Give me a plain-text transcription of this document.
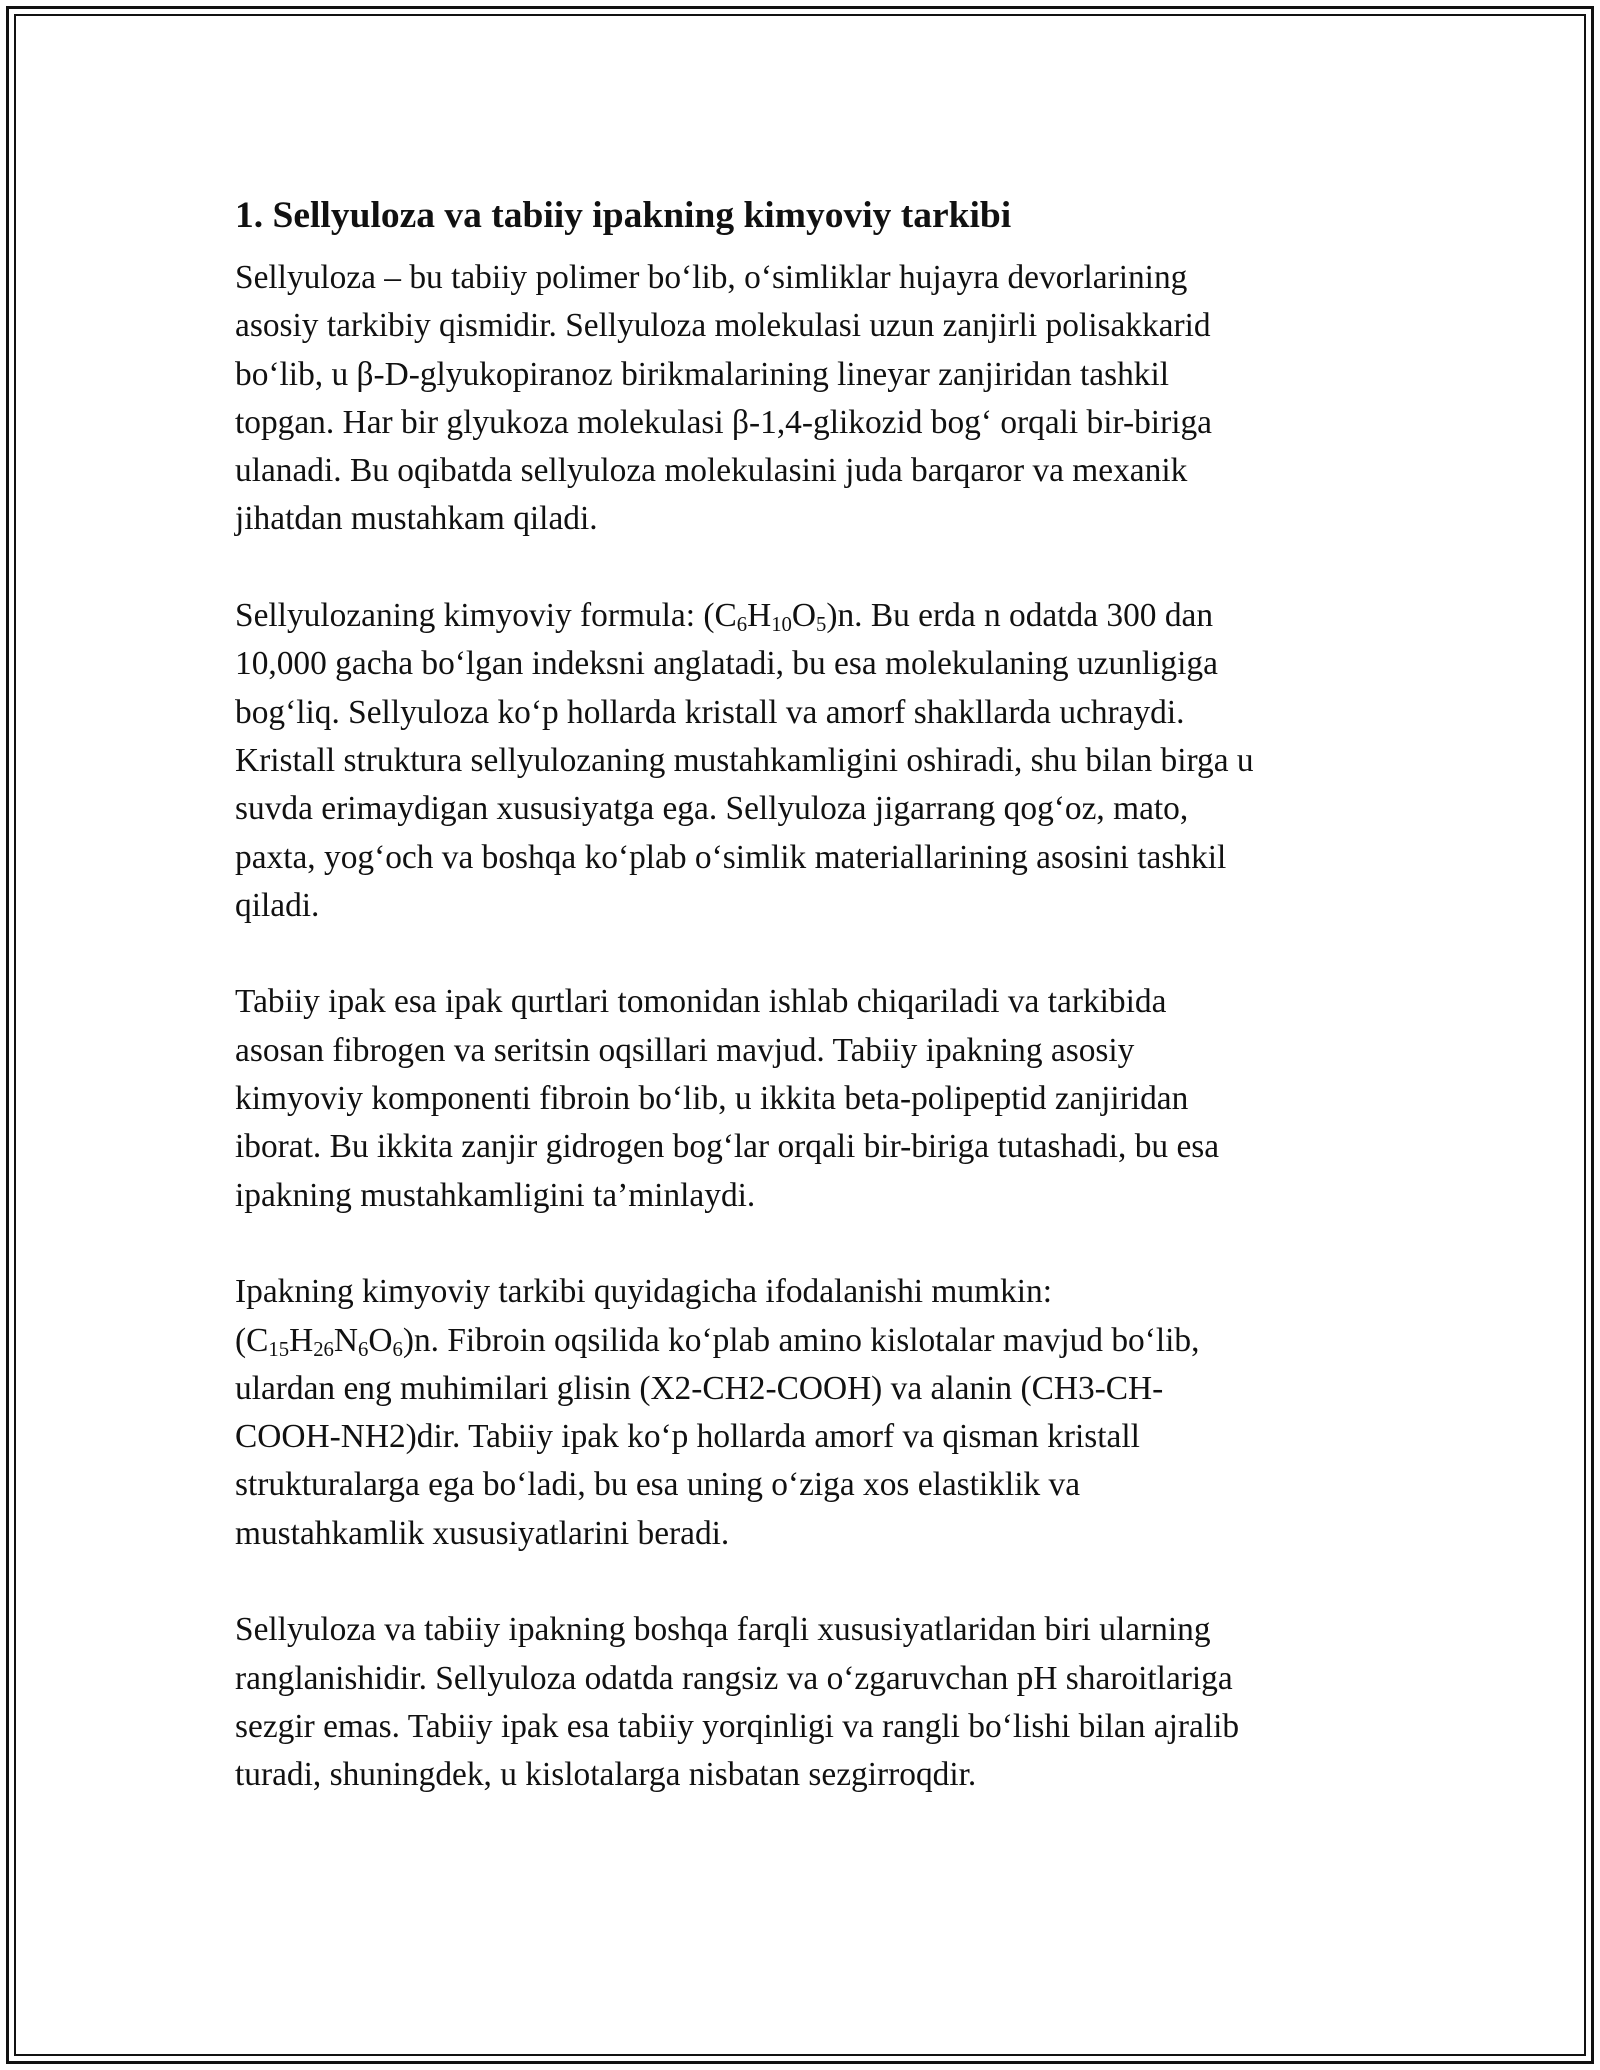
1. Sellyuloza va tabiiy ipakning kimyoviy tarkibi
Sellyuloza – bu tabiiy polimer bo‘lib, o‘simliklar hujayra devorlarining
asosiy tarkibiy qismidir. Sellyuloza molekulasi uzun zanjirli polisakkarid
bo‘lib, u β-D-glyukopiranoz birikmalarining lineyar zanjiridan tashkil
topgan. Har bir glyukoza molekulasi β-1,4-glikozid bog‘ orqali bir-biriga
ulanadi. Bu oqibatda sellyuloza molekulasini juda barqaror va mexanik
jihatdan mustahkam qiladi.
Sellyulozaning kimyoviy formula: $(C_6H_{10}O_5)n$. Bu erda n odatda 300 dan
10,000 gacha bo‘lgan indeksni anglatadi, bu esa molekulaning uzunligiga
bog‘liq. Sellyuloza ko‘p hollarda kristall va amorf shakllarda uchraydi.
Kristall struktura sellyulozaning mustahkamligini oshiradi, shu bilan birga u
suvda erimaydigan xususiyatga ega. Sellyuloza jigarrang qog‘oz, mato,
paxta, yog‘och va boshqa ko‘plab o‘simlik materiallarining asosini tashkil
qiladi.
Tabiiy ipak esa ipak qurtlari tomonidan ishlab chiqariladi va tarkibida
asosan fibrogen va seritsin oqsillari mavjud. Tabiiy ipakning asosiy
kimyoviy komponenti fibroin bo‘lib, u ikkita beta-polipeptid zanjiridan
iborat. Bu ikkita zanjir gidrogen bog‘lar orqali bir-biriga tutashadi, bu esa
ipakning mustahkamligini ta’minlaydi.
Ipakning kimyoviy tarkibi quyidagicha ifodalanishi mumkin:
$(C_{15}H_{26}N_6O_6)n$. Fibroin oqsilida ko‘plab amino kislotalar mavjud bo‘lib,
ulardan eng muhimilari glisin (X2-CH2-COOH) va alanin (CH3-CH-
COOH-NH2)dir. Tabiiy ipak ko‘p hollarda amorf va qisman kristall
strukturalarga ega bo‘ladi, bu esa uning o‘ziga xos elastiklik va
mustahkamlik xususiyatlarini beradi.
Sellyuloza va tabiiy ipakning boshqa farqli xususiyatlaridan biri ularning
ranglanishidir. Sellyuloza odatda rangsiz va o‘zgaruvchan pH sharoitlariga
sezgir emas. Tabiiy ipak esa tabiiy yorqinligi va rangli bo‘lishi bilan ajralib
turadi, shuningdek, u kislotalarga nisbatan sezgirroqdir.
